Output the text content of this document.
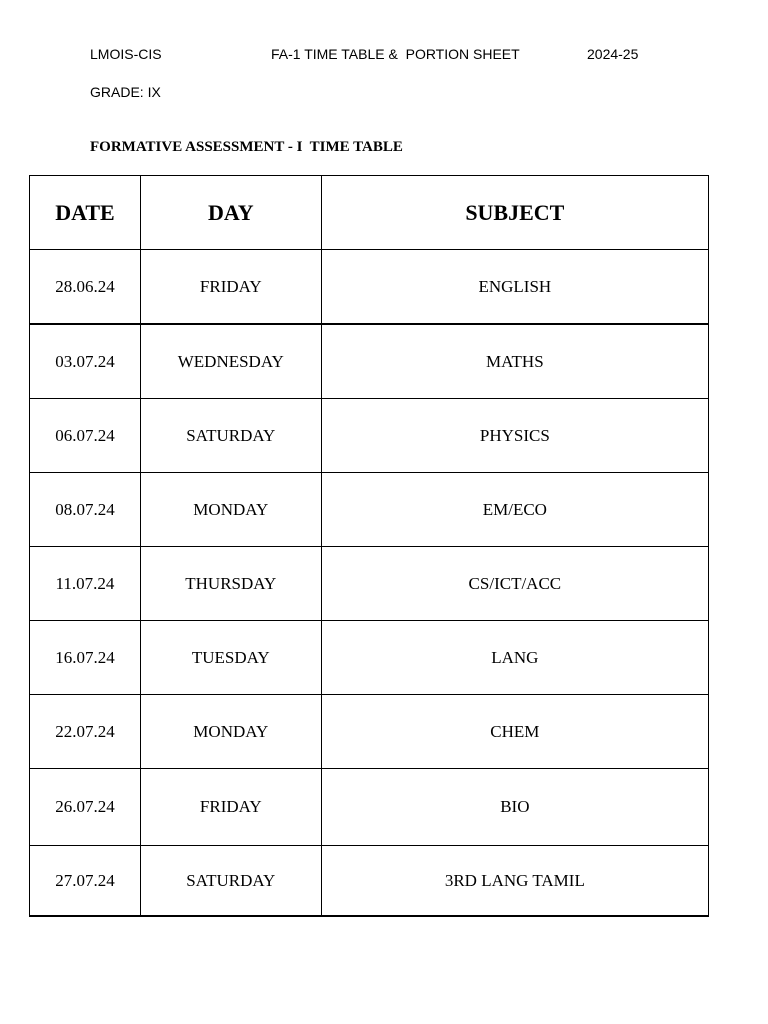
LMOIS-CIS	FA-1 TIME TABLE &  PORTION SHEET	2024-25
GRADE: IX
FORMATIVE ASSESSMENT - I  TIME TABLE
DATE	DAY	SUBJECT
28.06.24	FRIDAY	ENGLISH
03.07.24	WEDNESDAY	MATHS
06.07.24	SATURDAY	PHYSICS
08.07.24	MONDAY	EM/ECO
11.07.24	THURSDAY	CS/ICT/ACC
16.07.24	TUESDAY	LANG
22.07.24	MONDAY	CHEM
26.07.24	FRIDAY	BIO
27.07.24	SATURDAY	3RD LANG TAMIL
